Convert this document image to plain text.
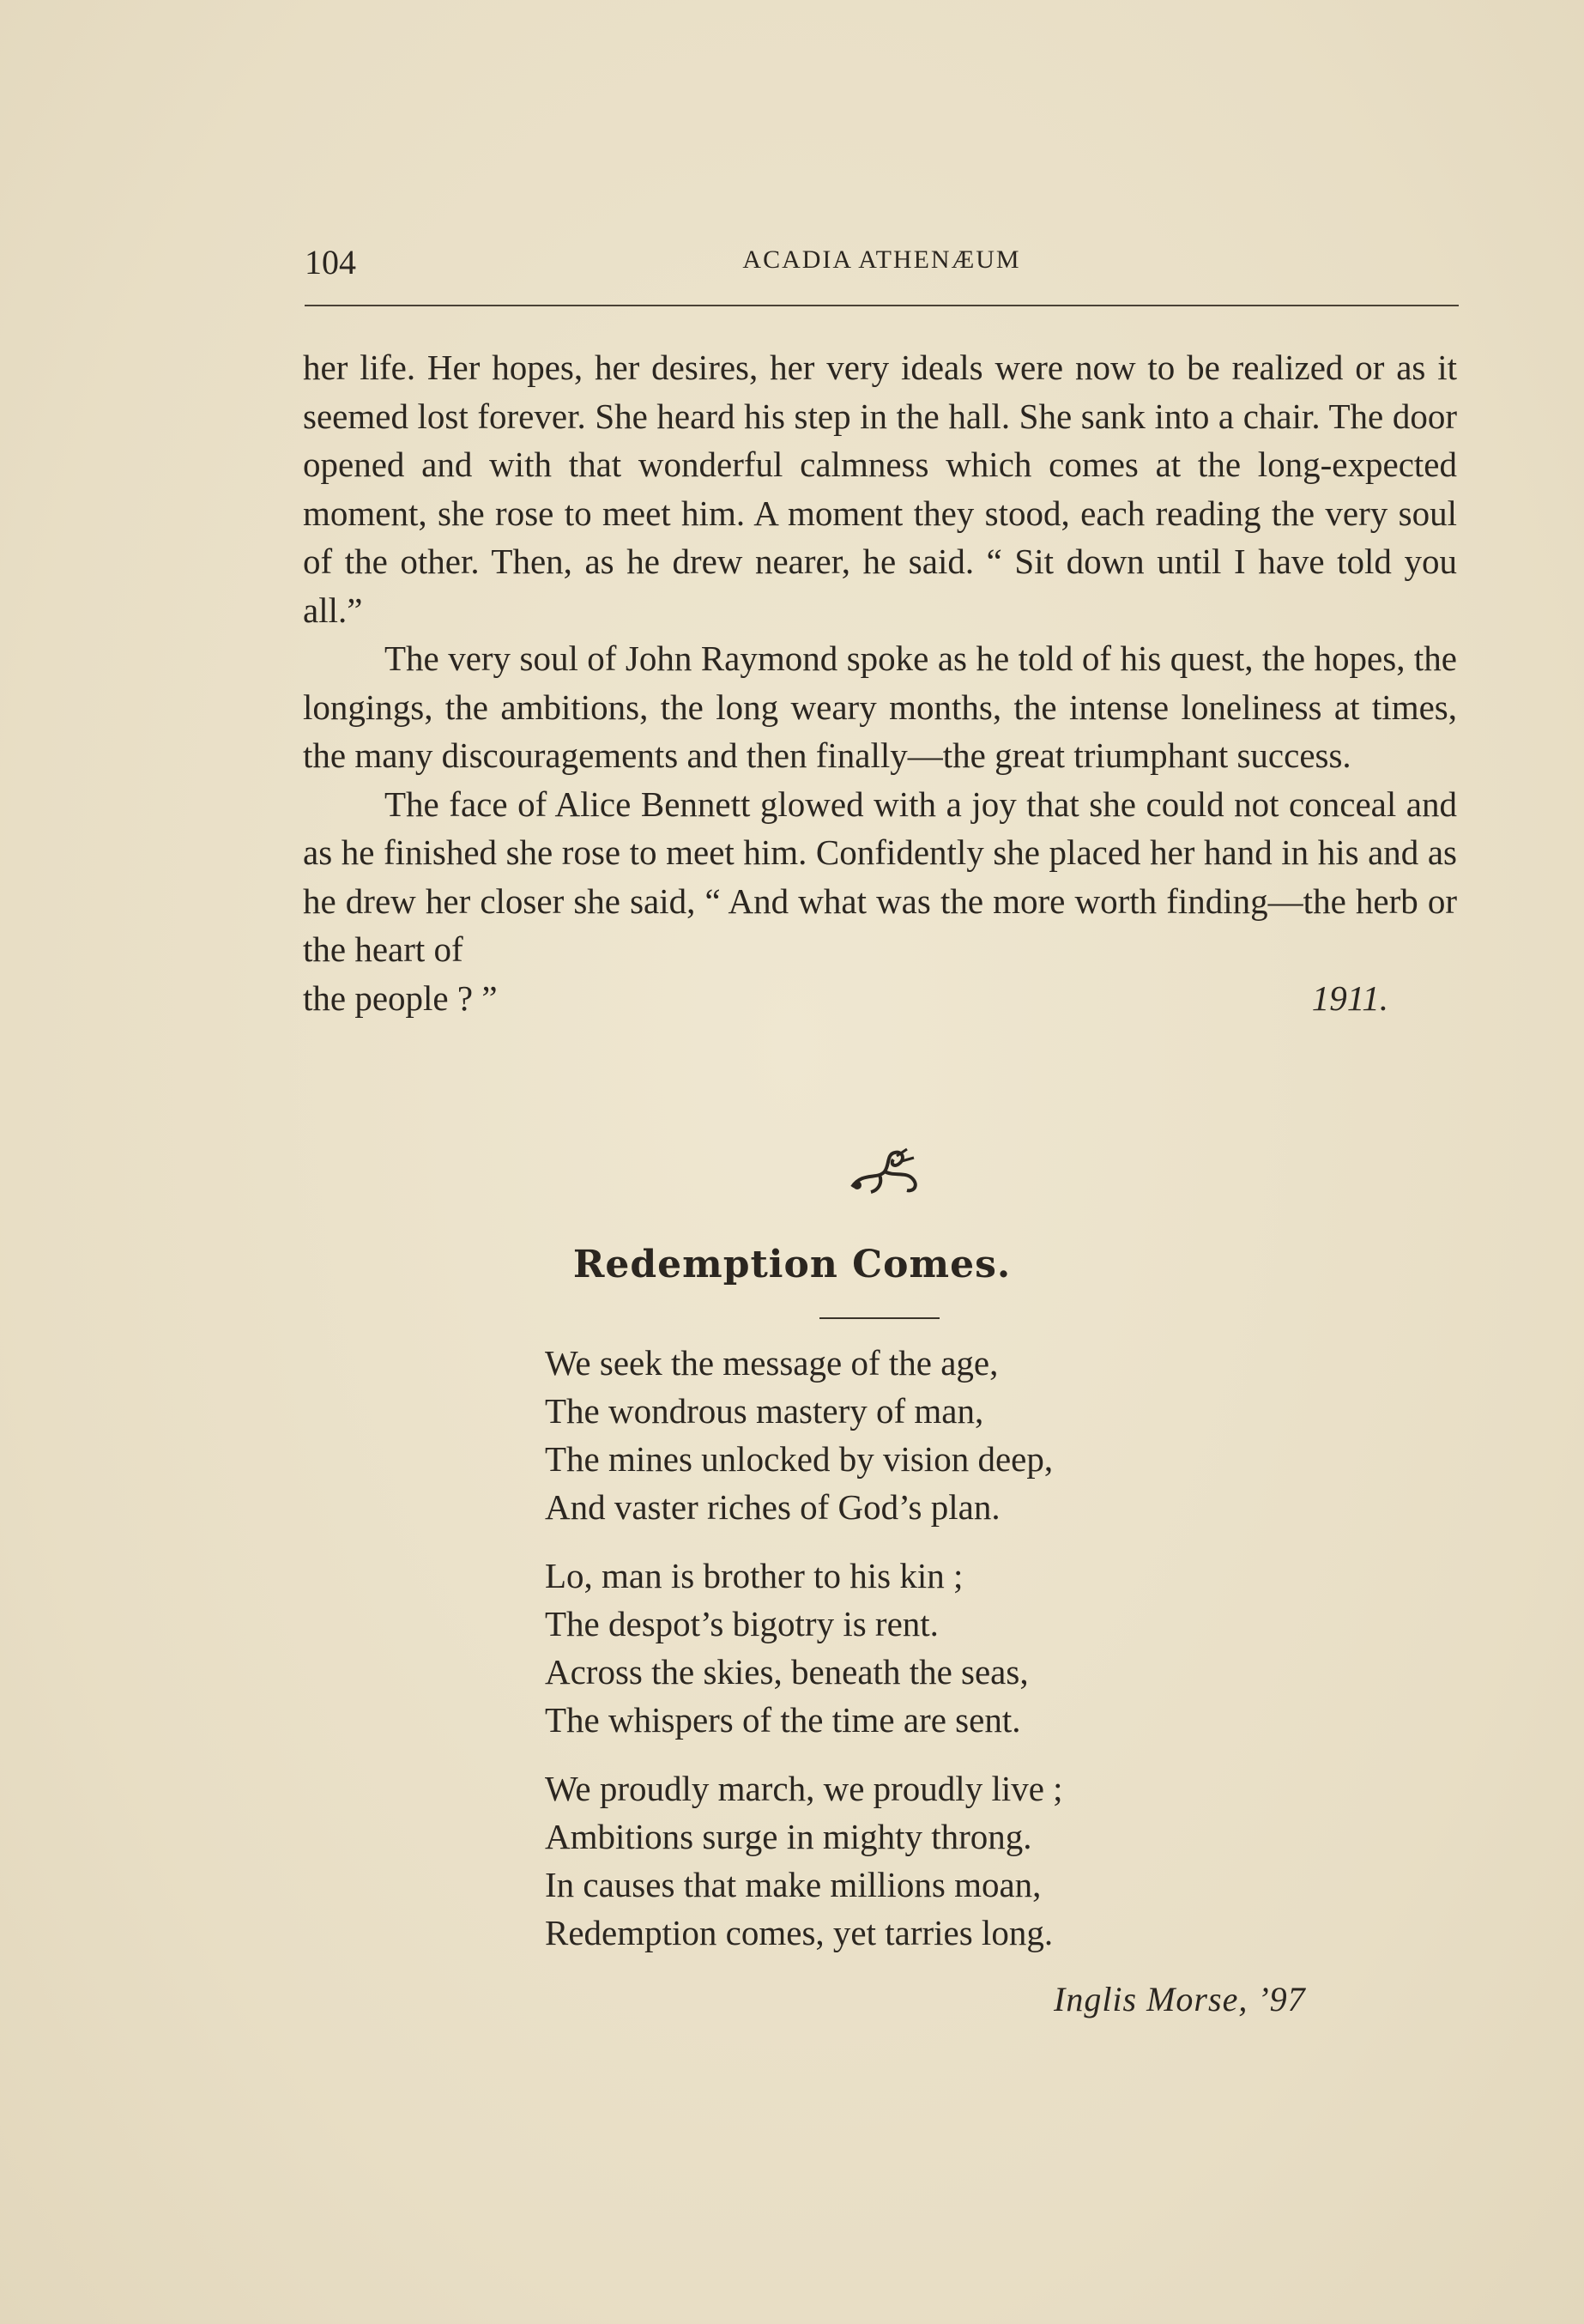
104	ACADIA ATHENÆUM

her life. Her hopes, her desires, her very ideals were now to be realized or as it seemed lost forever. She heard his step in the hall. She sank into a chair. The door opened and with that wonderful calmness which comes at the long-expected moment, she rose to meet him. A moment they stood, each reading the very soul of the other. Then, as he drew nearer, he said. “ Sit down until I have told you all.”

The very soul of John Raymond spoke as he told of his quest, the hopes, the longings, the ambitions, the long weary months, the intense loneliness at times, the many discouragements and then finally—the great triumphant success.

The face of Alice Bennett glowed with a joy that she could not conceal and as he finished she rose to meet him. Confidently she placed her hand in his and as he drew her closer she said, “ And what was the more worth finding—the herb or the heart of

the people ? ”	1911.
Redemption Comes.
We seek the message of the age,
The wondrous mastery of man,
The mines unlocked by vision deep,
And vaster riches of God’s plan.
Lo, man is brother to his kin ;
The despot’s bigotry is rent.
Across the skies, beneath the seas,
The whispers of the time are sent.
We proudly march, we proudly live ;
Ambitions surge in mighty throng.
In causes that make millions moan,
Redemption comes, yet tarries long.
Inglis Morse, ’97
